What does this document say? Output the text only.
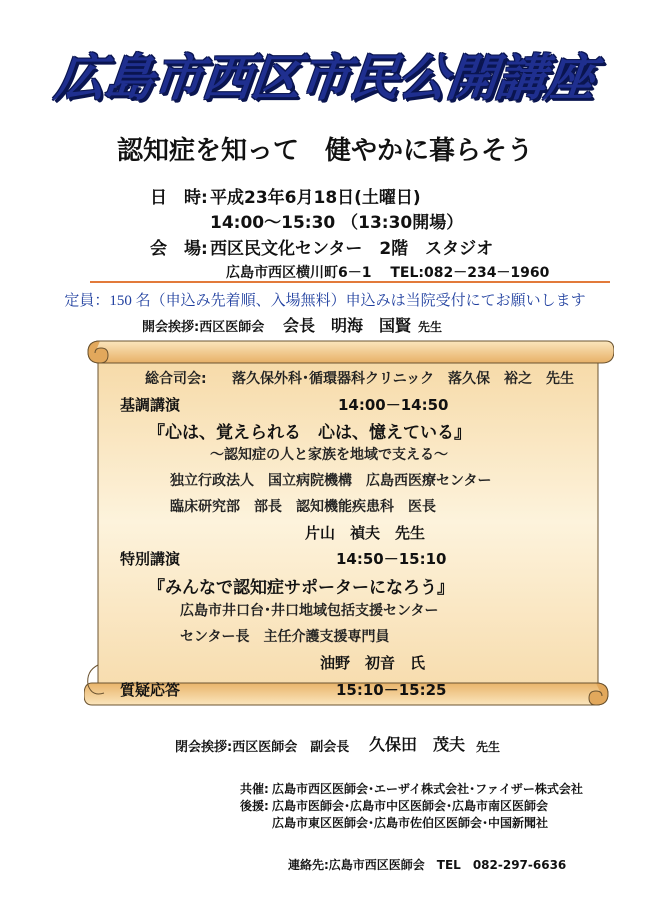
広島市西区市民公開講座
認知症を知って　健やかに暮らそう
日　時: 平成23年6月18日(土曜日)
14:00～15:30 （13:30開場）
会　場: 西区民文化センター　2階　スタジオ
広島市西区横川町6－1　 TEL:082－234－1960
定員：150 名（申込み先着順、入場無料）申込みは当院受付にてお願いします
開会挨拶:西区医師会 会長　明海　国賢 先生
総合司会: 落久保外科･循環器科クリニック 落久保　裕之　先生
基調講演	14:00－14:50
『心は、覚えられる　心は、憶えている』
～認知症の人と家族を地域で支える～
独立行政法人　国立病院機構　広島西医療センター
臨床研究部　部長　認知機能疾患科　医長
片山　禎夫　先生
特別講演	14:50－15:10
『みんなで認知症サポーターになろう』
広島市井口台･井口地域包括支援センター
センター長　主任介護支援専門員
油野　初音　氏
質疑応答	15:10－15:25
閉会挨拶:西区医師会　副会長 久保田　茂夫 先生
共催: 広島市西区医師会･エーザイ株式会社･ファイザー株式会社
後援: 広島市医師会･広島市中区医師会･広島市南区医師会
広島市東区医師会･広島市佐伯区医師会･中国新聞社
連絡先:広島市西区医師会　TEL　082-297-6636
